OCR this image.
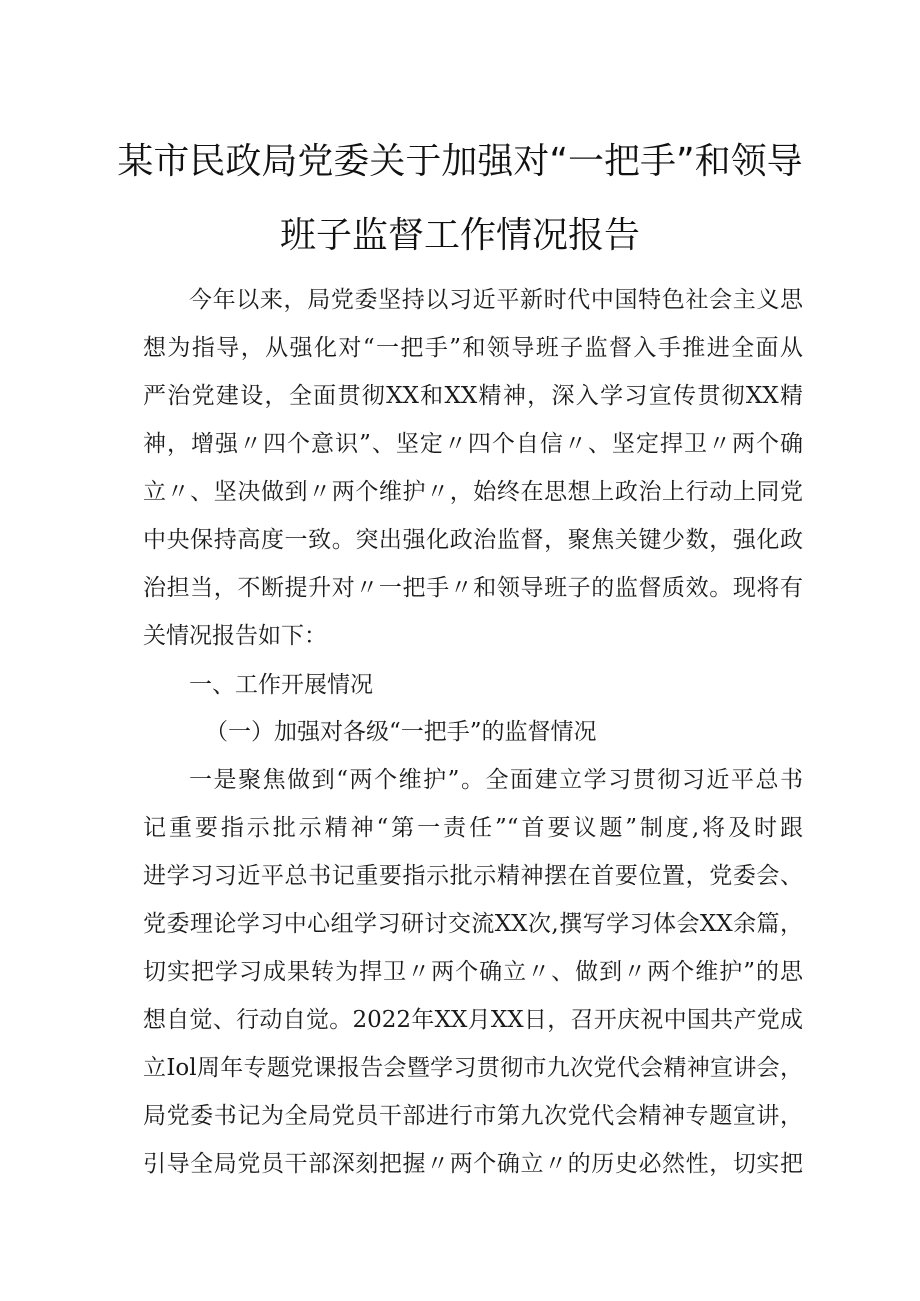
某市民政局党委关于加强对“一把手”和领导
班子监督工作情况报告
今年以来，局党委坚持以习近平新时代中国特色社会主义思
想为指导，从强化对“一把手”和领导班子监督入手推进全面从
严治党建设，全面贯彻XX和XX精神，深入学习宣传贯彻XX精
神，增强〃四个意识”、坚定〃四个自信〃、坚定捍卫〃两个确
立〃、坚决做到〃两个维护〃，始终在思想上政治上行动上同党
中央保持高度一致。突出强化政治监督，聚焦关键少数，强化政
治担当，不断提升对〃一把手〃和领导班子的监督质效。现将有
关情况报告如下：
一、工作开展情况
（一）加强对各级“一把手”的监督情况
一是聚焦做到“两个维护”。全面建立学习贯彻习近平总书
记重要指示批示精神“第一责任”“首要议题”制度,将及时跟
进学习习近平总书记重要指示批示精神摆在首要位置，党委会、
党委理论学习中心组学习研讨交流XX次,撰写学习体会XX余篇，
切实把学习成果转为捍卫〃两个确立〃、做到〃两个维护”的思
想自觉、行动自觉。2022年XX月XX日，召开庆祝中国共产党成
立Iol周年专题党课报告会暨学习贯彻市九次党代会精神宣讲会，
局党委书记为全局党员干部进行市第九次党代会精神专题宣讲，
引导全局党员干部深刻把握〃两个确立〃的历史必然性，切实把
